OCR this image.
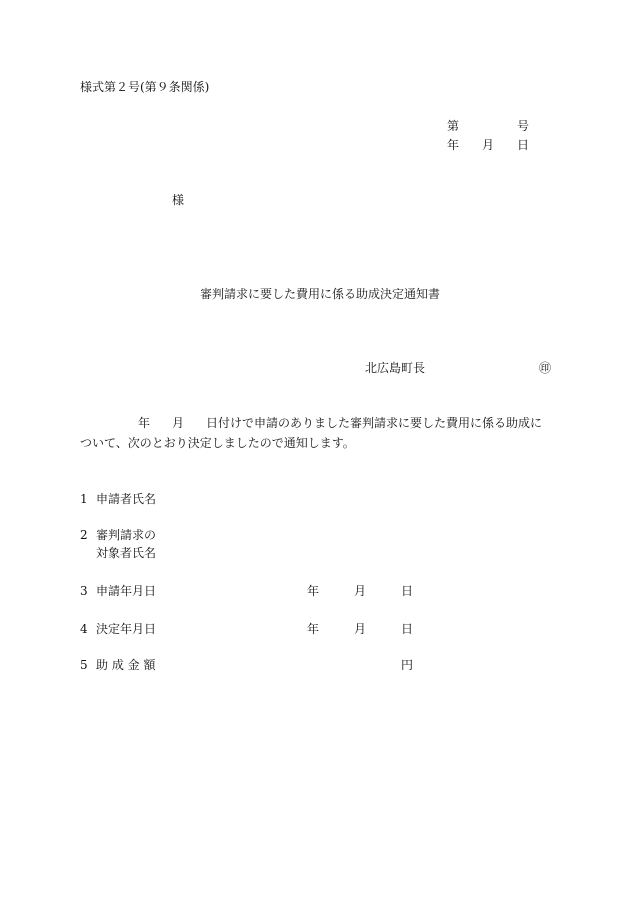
様式第２号(第９条関係)
第	号
年 月 日
様
審判請求に要した費用に係る助成決定通知書
北広島町長	㊞
年 月 日付けで申請のありました審判請求に要した費用に係る助成について、次のとおり決定しましたので通知します。
1 申請者氏名
2 審判請求の
対象者氏名
3 申請年月日	年	月	日
4 決定年月日	年	月	日
5 助 成 金 額	円
